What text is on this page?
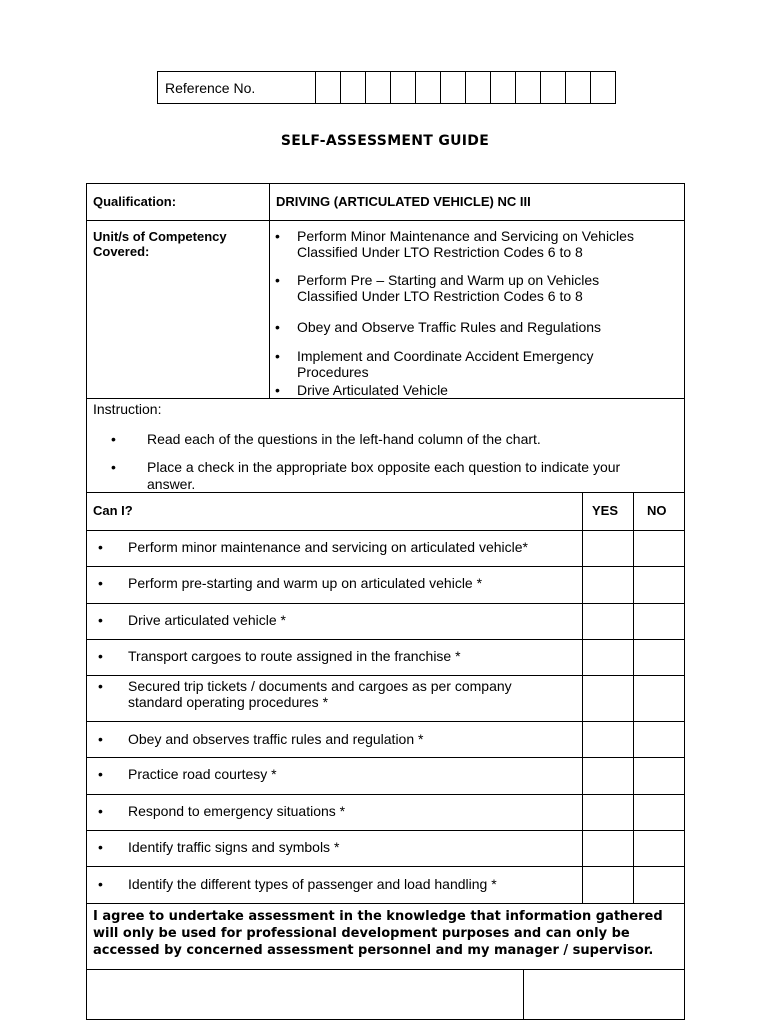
Reference No.												
SELF-ASSESSMENT GUIDE
Qualification:	DRIVING (ARTICULATED VEHICLE) NC III
Unit/s of Competency
Covered:
• Perform Minor Maintenance and Servicing on Vehicles
Classified Under LTO Restriction Codes 6 to 8
• Perform Pre – Starting and Warm up on Vehicles
Classified Under LTO Restriction Codes 6 to 8
• Obey and Observe Traffic Rules and Regulations
• Implement and Coordinate Accident Emergency
Procedures
• Drive Articulated Vehicle
Instruction:
• Read each of the questions in the left-hand column of the chart.
• Place a check in the appropriate box opposite each question to indicate your
answer.
Can I?	YES NO
• Perform minor maintenance and servicing on articulated vehicle*
• Perform pre-starting and warm up on articulated vehicle *
• Drive articulated vehicle *
• Transport cargoes to route assigned in the franchise *
• Secured trip tickets / documents and cargoes as per company
standard operating procedures *
• Obey and observes traffic rules and regulation *
• Practice road courtesy *
• Respond to emergency situations *
• Identify traffic signs and symbols *
• Identify the different types of passenger and load handling *
I agree to undertake assessment in the knowledge that information gathered
will only be used for professional development purposes and can only be
accessed by concerned assessment personnel and my manager / supervisor.
